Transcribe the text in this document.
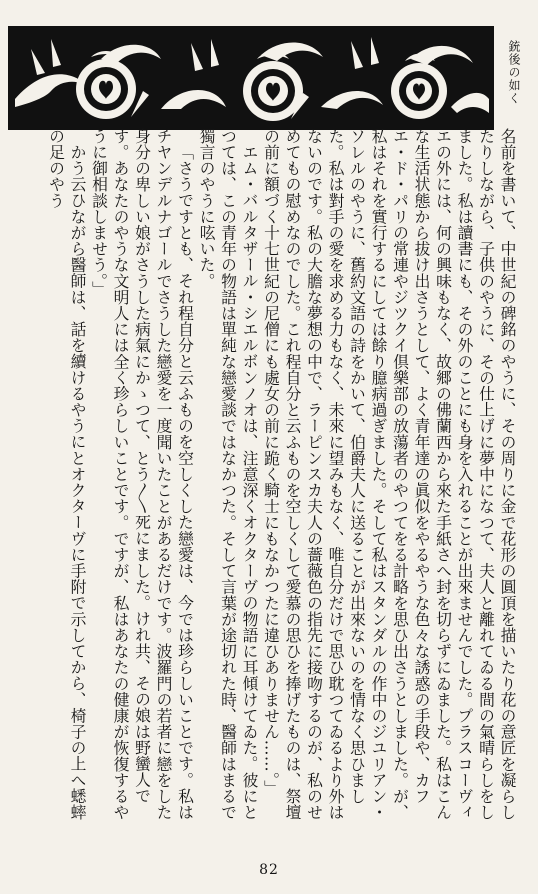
銃後の如く

名前を書いて、中世紀の碑銘のやうに、その周りに金で花形の圓頂を描いたり花の意匠を凝らしたりしながら、子供のやうに、その仕上げに夢中になつて、夫人と離れてゐる間の氣晴らしをしました。私は讀書にも、その外のことにも身を入れることが出來ませんでした。プラスコーヴィエの外には、何の興味もなく、故郷の佛蘭西から來た手紙さへ封を切らずにゐました。私はこんな生活状態から拔け出さうとして、よく青年達の眞似をやるやうな色々な誘惑の手段や、カフエ・ド・パリの常連やジツクイ倶樂部の放蕩者のやつてをる計略を思ひ出さうとしました。が、私はそれを實行するにしては餘り臆病過ぎました。そして私はスタンダルの作中のジユリアン・ソレルのやうに、舊約文語の詩をかいて、伯爵夫人に送ることが出來ないのを情なく思ひました。私は對手の愛を求める力もなく、未來に望みもなく、唯自分だけで思ひ耽つてゐるより外はないのです。私の大膽な夢想の中で、ラーピンスカ夫人の薔薇色の指先に接吻するのが、私のせめてもの慰めなのでした。これ程自分と云ふものを空しくして愛慕の思ひを捧げたものは、祭壇の前に額づく十七世紀の尼僧にも處女の前に跪く騎士にもなかつたに違ひありません……。」

エム・バルタザール・シエルボンノオは、注意深くオクターヴの物語に耳傾けてゐた。彼にとつては、この青年の物語は單純な戀愛談ではなかつた。そして言葉が途切れた時、醫師はまるで獨言のやうに呟いた。

「さうですとも、それ程自分と云ふものを空しくした戀愛は、今では珍らしいことです。私はチヤンデルナゴールでさうした戀愛を一度聞いたことがあるだけです。波羅門の若者に戀をした身分の卑しい娘がさうした病氣にかゝつて、とう〳〵死にました。けれ共、その娘は野蠻人です。あなたのやうな文明人には全く珍らしいことです。ですが、私はあなたの健康が恢復するやうに御相談しませう。」

かう云ひながら醫師は、話を續けるやうにとオクターヴに手附で示してから、椅子の上へ蟋蟀の足のやう

82
